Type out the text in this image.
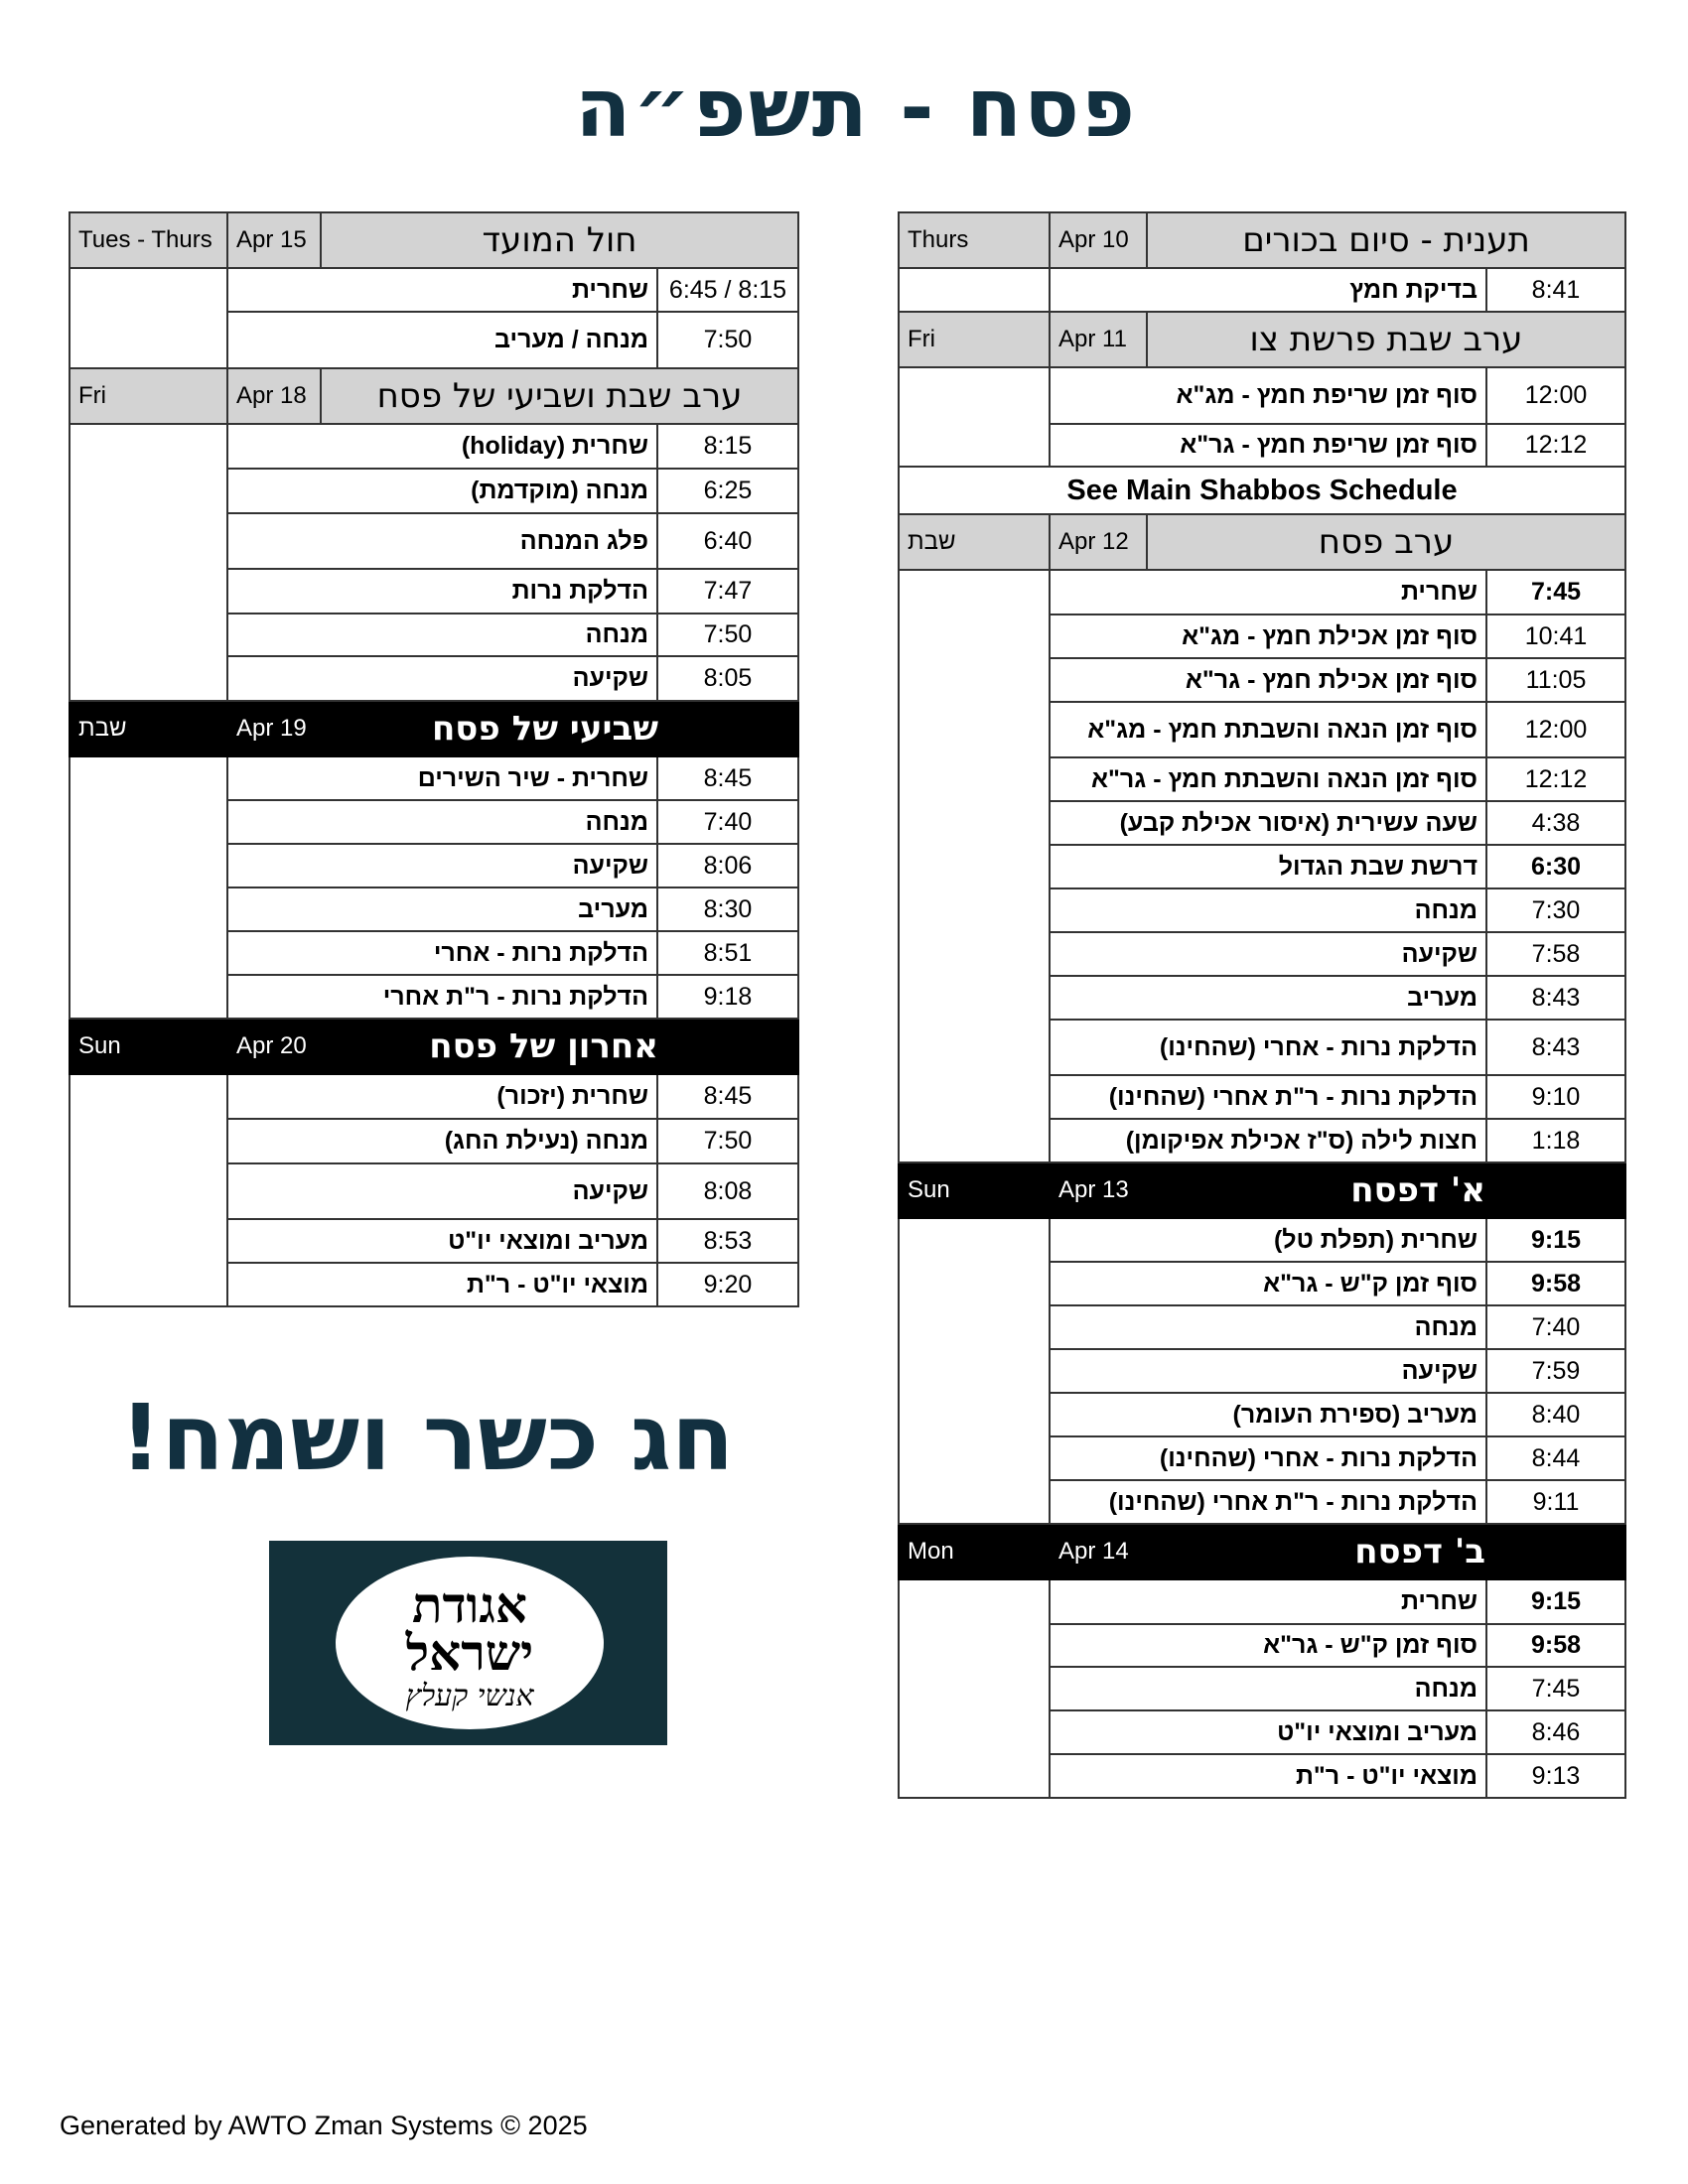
פסח - תשפ״ה
Tues - Thurs	Apr 15	חול המועד	
	שחרית		6:45 / 8:15
	מנחה / מעריב		7:50
Fri	Apr 18	ערב שבת ושביעי של פסח	
	שחרית (holiday)		8:15
	מנחה (מוקדמת)		6:25
	פלג המנחה		6:40
	הדלקת נרות		7:47
	מנחה		7:50
	שקיעה		8:05
שבת	Apr 19	שביעי של פסח	
	שחרית - שיר השירים		8:45
	מנחה		7:40
	שקיעה		8:06
	מעריב		8:30
	הדלקת נרות - אחרי		8:51
	הדלקת נרות - ר"ת אחרי		9:18
Sun	Apr 20	אחרון של פסח	
	שחרית (יזכור)		8:45
	מנחה (נעילת החג)		7:50
	שקיעה		8:08
	מעריב ומוצאי יו"ט		8:53
	מוצאי יו"ט - ר"ת		9:20
Thurs	Apr 10	תענית - סיום בכורים	
	בדיקת חמץ		8:41
Fri	Apr 11	ערב שבת פרשת צו	
	סוף זמן שריפת חמץ - מג"א		12:00
	סוף זמן שריפת חמץ - גר"א		12:12
See Main Shabbos Schedule			
שבת	Apr 12	ערב פסח	
	שחרית		7:45
	סוף זמן אכילת חמץ - מג"א		10:41
	סוף זמן אכילת חמץ - גר"א		11:05
	סוף זמן הנאה והשבתת חמץ - מג"א		12:00
	סוף זמן הנאה והשבתת חמץ - גר"א		12:12
	שעה עשירית (איסור אכילת קבע)		4:38
	דרשת שבת הגדול		6:30
	מנחה		7:30
	שקיעה		7:58
	מעריב		8:43
	הדלקת נרות - אחרי (שהחינו)		8:43
	הדלקת נרות - ר"ת אחרי (שהחינו)		9:10
	חצות לילה (ס"ז אכילת אפיקומן)		1:18
Sun	Apr 13	א' דפסח	
	שחרית (תפלת טל)		9:15
	סוף זמן ק"ש - גר"א		9:58
	מנחה		7:40
	שקיעה		7:59
	מעריב (ספירת העומר)		8:40
	הדלקת נרות - אחרי (שהחינו)		8:44
	הדלקת נרות - ר"ת אחרי (שהחינו)		9:11
Mon	Apr 14	ב' דפסח	
	שחרית		9:15
	סוף זמן ק"ש - גר"א		9:58
	מנחה		7:45
	מעריב ומוצאי יו"ט		8:46
	מוצאי יו"ט - ר"ת		9:13
חג כשר ושמח!
אגודת
ישראל
אנשי קעלץ
Generated by AWTO Zman Systems © 2025
